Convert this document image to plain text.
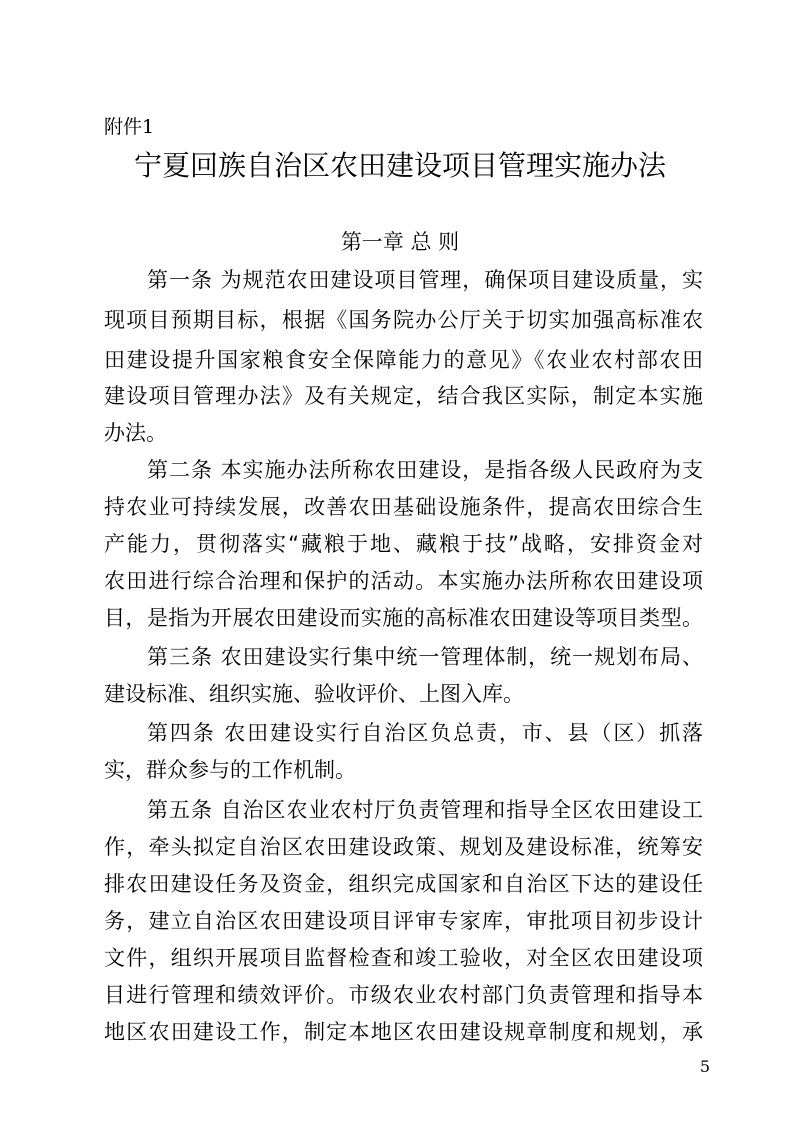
附件1
宁夏回族自治区农田建设项目管理实施办法
第一章 总 则
第一条 为规范农田建设项目管理，确保项目建设质量，实
现项目预期目标，根据《国务院办公厅关于切实加强高标准农
田建设提升国家粮食安全保障能力的意见》《农业农村部农田
建设项目管理办法》及有关规定，结合我区实际，制定本实施
办法。
第二条 本实施办法所称农田建设，是指各级人民政府为支
持农业可持续发展，改善农田基础设施条件，提高农田综合生
产能力，贯彻落实“藏粮于地、藏粮于技”战略，安排资金对
农田进行综合治理和保护的活动。本实施办法所称农田建设项
目，是指为开展农田建设而实施的高标准农田建设等项目类型。
第三条 农田建设实行集中统一管理体制，统一规划布局、
建设标准、组织实施、验收评价、上图入库。
第四条 农田建设实行自治区负总责，市、县（区）抓落
实，群众参与的工作机制。
第五条 自治区农业农村厅负责管理和指导全区农田建设工
作，牵头拟定自治区农田建设政策、规划及建设标准，统筹安
排农田建设任务及资金，组织完成国家和自治区下达的建设任
务，建立自治区农田建设项目评审专家库，审批项目初步设计
文件，组织开展项目监督检查和竣工验收，对全区农田建设项
目进行管理和绩效评价。市级农业农村部门负责管理和指导本
地区农田建设工作，制定本地区农田建设规章制度和规划，承
5
